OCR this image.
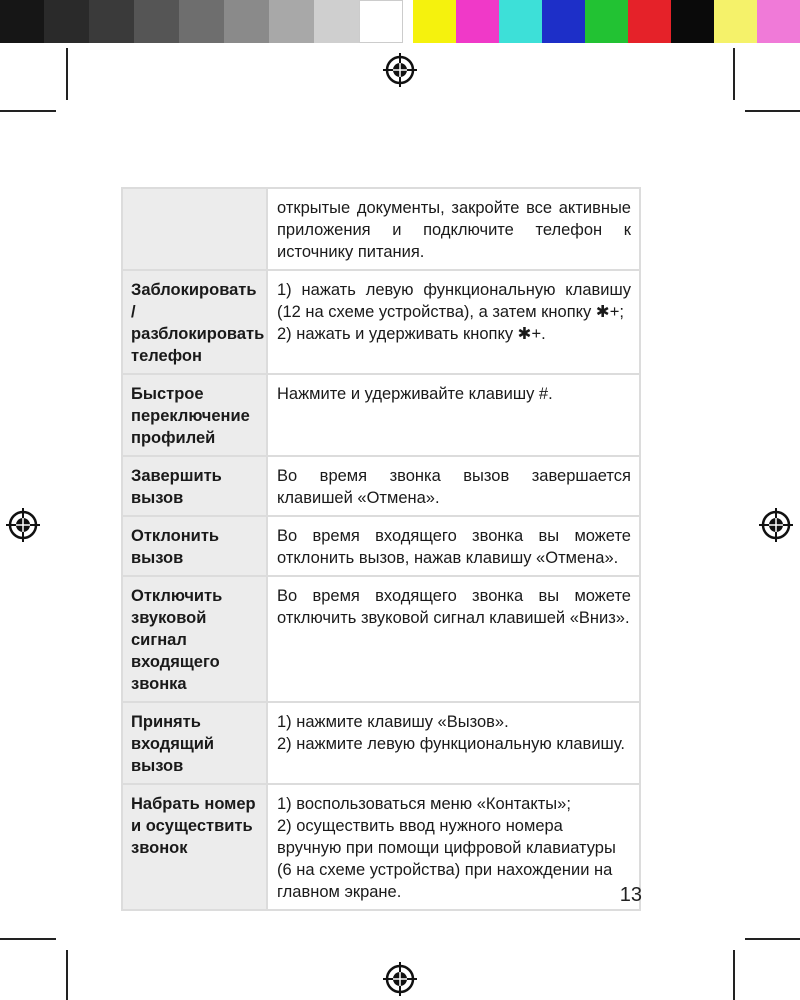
	открытые документы, закройте все активные приложения и подключите телефон к источнику питания.
Заблокировать /разблокировать телефон	1) нажать левую функциональную клавишу (12 на схеме устройства), а затем кнопку ✱+;
2) нажать и удерживать кнопку ✱+.
Быстрое переключение профилей	Нажмите и удерживайте клавишу #.
Завершить вызов	Во время звонка вызов завершается клавишей «Отмена».
Отклонить вызов	Во время входящего звонка вы можете отклонить вызов, нажав клавишу «Отмена».
Отключить звуковой сигнал входящего звонка	Во время входящего звонка вы можете отключить звуковой сигнал клавишей «Вниз».
Принять входящий вызов	1) нажмите клавишу «Вызов».
2) нажмите левую функциональную клавишу.
Набрать номер и осуществить звонок	1) воспользоваться меню «Контакты»;
2) осуществить ввод нужного номера вручную при помощи цифровой клавиатуры (6 на схеме устройства) при нахождении на главном экране.	13
